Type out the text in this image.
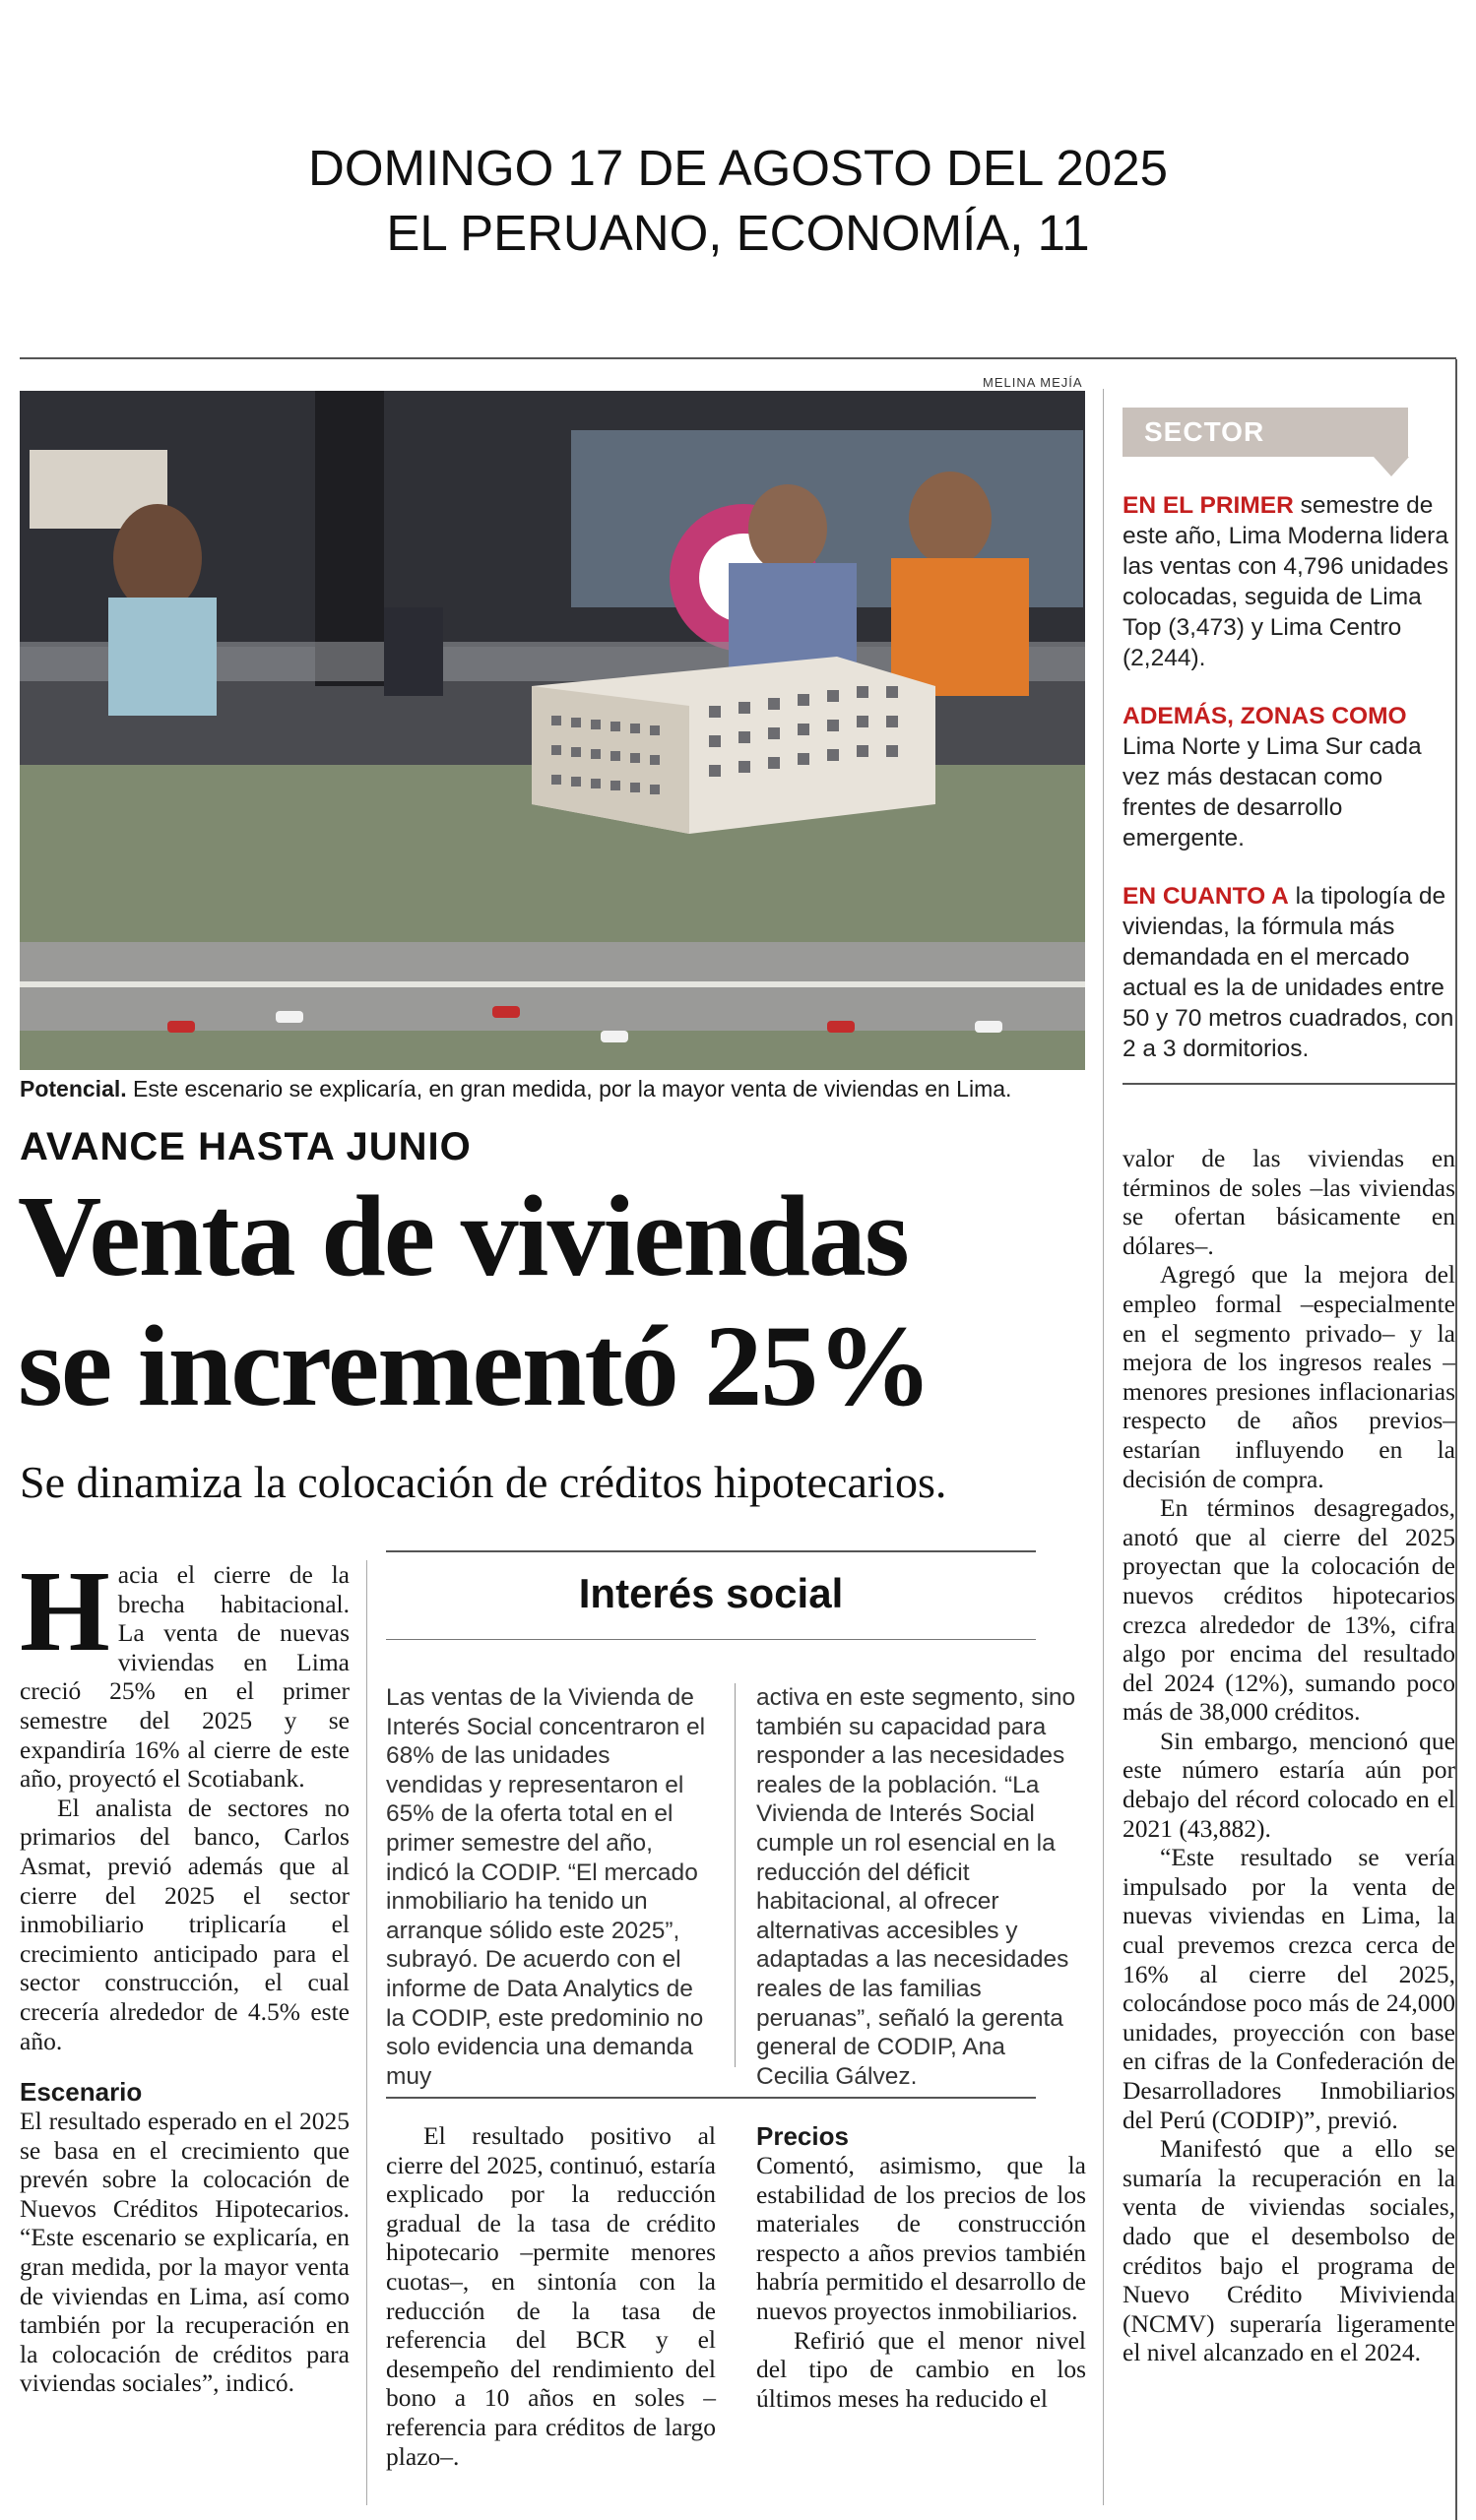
DOMINGO 17 DE AGOSTO DEL 2025
EL PERUANO, ECONOMÍA, 11
MELINA MEJÍA
Potencial. Este escenario se explicaría, en gran medida, por la mayor venta de viviendas en Lima.
AVANCE HASTA JUNIO
Venta de viviendas
se incrementó 25%
Se dinamiza la colocación de créditos hipotecarios.

Hacia el cierre de la brecha habitacional. La venta de nuevas viviendas en Lima creció 25% en el primer semestre del 2025 y se expandiría 16% al cierre de este año, proyectó el Scotiabank.

El analista de sectores no primarios del banco, Carlos Asmat, previó además que al cierre del 2025 el sector inmobiliario triplicaría el crecimiento anticipado para el sector construcción, el cual crecería alrededor de 4.5% este año.

Escenario

El resultado esperado en el 2025 se basa en el crecimiento que prevén sobre la colocación de Nuevos Créditos Hipotecarios. “Este escenario se explicaría, en gran medida, por la mayor venta de viviendas en Lima, así como también por la recuperación en la colocación de créditos para viviendas sociales”, indicó.

Interés social
Las ventas de la Vivienda de Interés Social concentraron el 68% de las unidades vendidas y representaron el 65% de la oferta total en el primer semestre del año, indicó la CODIP. “El mercado inmobiliario ha tenido un arranque sólido este 2025”, subrayó. De acuerdo con el informe de Data Analytics de la CODIP, este predominio no solo evidencia una demanda muy
activa en este segmento, sino también su capacidad para responder a las necesidades reales de la población. “La Vivienda de Interés Social cumple un rol esencial en la reducción del déficit habitacional, al ofrecer alternativas accesibles y adaptadas a las necesidades reales de las familias peruanas”, señaló la gerenta general de CODIP, Ana Cecilia Gálvez.

El resultado positivo al cierre del 2025, continuó, estaría explicado por la reducción gradual de la tasa de crédito hipotecario –permite menores cuotas–, en sintonía con la reducción de la tasa de referencia del BCR y el desempeño del rendimiento del bono a 10 años en soles –referencia para créditos de largo plazo–.

Precios

Comentó, asimismo, que la estabilidad de los precios de los materiales de construcción respecto a años previos también habría permitido el desarrollo de nuevos proyectos inmobiliarios.

Refirió que el menor nivel del tipo de cambio en los últimos meses ha reducido el

valor de las viviendas en términos de soles –las viviendas se ofertan básicamente en dólares–.

Agregó que la mejora del empleo formal –especialmente en el segmento privado– y la mejora de los ingresos reales –menores presiones inflacionarias respecto de años previos– estarían influyendo en la decisión de compra.

En términos desagregados, anotó que al cierre del 2025 proyectan que la colocación de nuevos créditos hipotecarios crezca alrededor de 13%, cifra algo por encima del resultado del 2024 (12%), sumando poco más de 38,000 créditos.

Sin embargo, mencionó que este número estaría aún por debajo del récord colocado en el 2021 (43,882).

“Este resultado se vería impulsado por la venta de nuevas viviendas en Lima, la cual prevemos crezca cerca de 16% al cierre del 2025, colocándose poco más de 24,000 unidades, proyección con base en cifras de la Confederación de Desarrolladores Inmobiliarios del Perú (CODIP)”, previó.

Manifestó que a ello se sumaría la recuperación en la venta de viviendas sociales, dado que el desembolso de créditos bajo el programa de Nuevo Crédito Mivivienda (NCMV) superaría ligeramente el nivel alcanzado en el 2024.

SECTOR
EN EL PRIMER semestre de este año, Lima Moderna lidera las ventas con 4,796 unidades colocadas, seguida de Lima Top (3,473) y Lima Centro (2,244).
ADEMÁS, ZONAS COMO Lima Norte y Lima Sur cada vez más destacan como frentes de desarrollo emergente.
EN CUANTO A la tipología de viviendas, la fórmula más demandada en el mercado actual es la de unidades entre 50 y 70 metros cuadrados, con 2 a 3 dormitorios.
